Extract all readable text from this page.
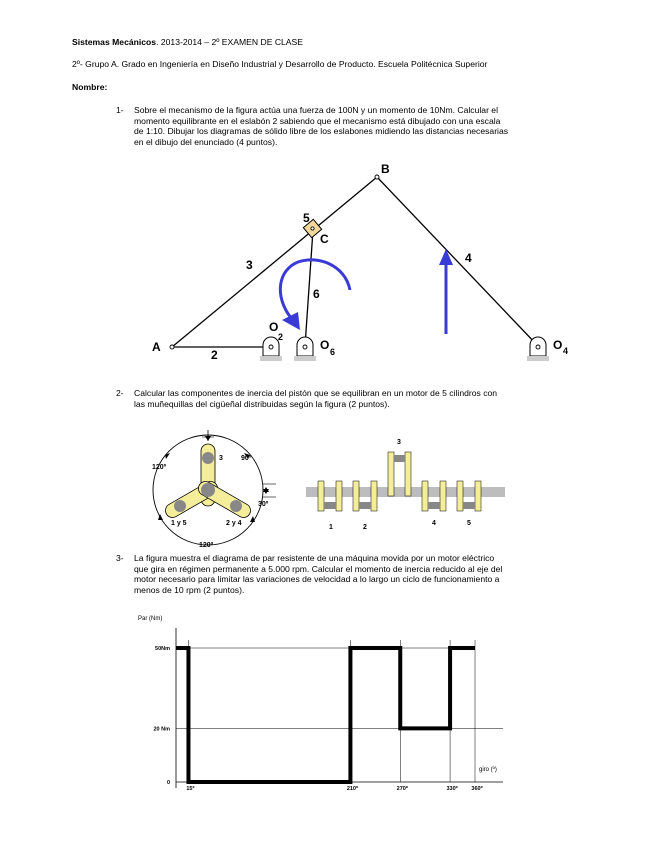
Sistemas Mecánicos. 2013-2014 – 2º EXAMEN DE CLASE
2º- Grupo A. Grado en Ingeniería en Diseño Industrial y Desarrollo de Producto. Escuela Politécnica Superior
Nombre:
1- Sobre el mecanismo de la figura actúa una fuerza de 100N y un momento de 10Nm. Calcular el
momento equilibrante en el eslabón 2 sabiendo que el mecanismo está dibujado con una escala
de 1:10. Dibujar los diagramas de sólido libre de los eslabones midiendo las distancias necesarias
en el dibujo del enunciado (4 puntos).
A
B
C
O
2
O 6	O 4
2
3	4
5
6
120º
90º
30º
120º
3
1 y 5	2 y 4
1	2
3
4	5
2- Calcular las componentes de inercia del pistón que se equilibran en un motor de 5 cilindros con
las muñequillas del cigüeñal distribuidas según la figura (2 puntos).
3- La figura muestra el diagrama de par resistente de una máquina movida por un motor eléctrico
que gira en régimen permanente a 5.000 rpm. Calcular el momento de inercia reducido al eje del
motor necesario para limitar las variaciones de velocidad a lo largo un ciclo de funcionamiento a
menos de 10 rpm (2 puntos).
Par (Nm)
giro (º)
0
20 Nm
50Nm
15º	210º	270º	330º 360º
